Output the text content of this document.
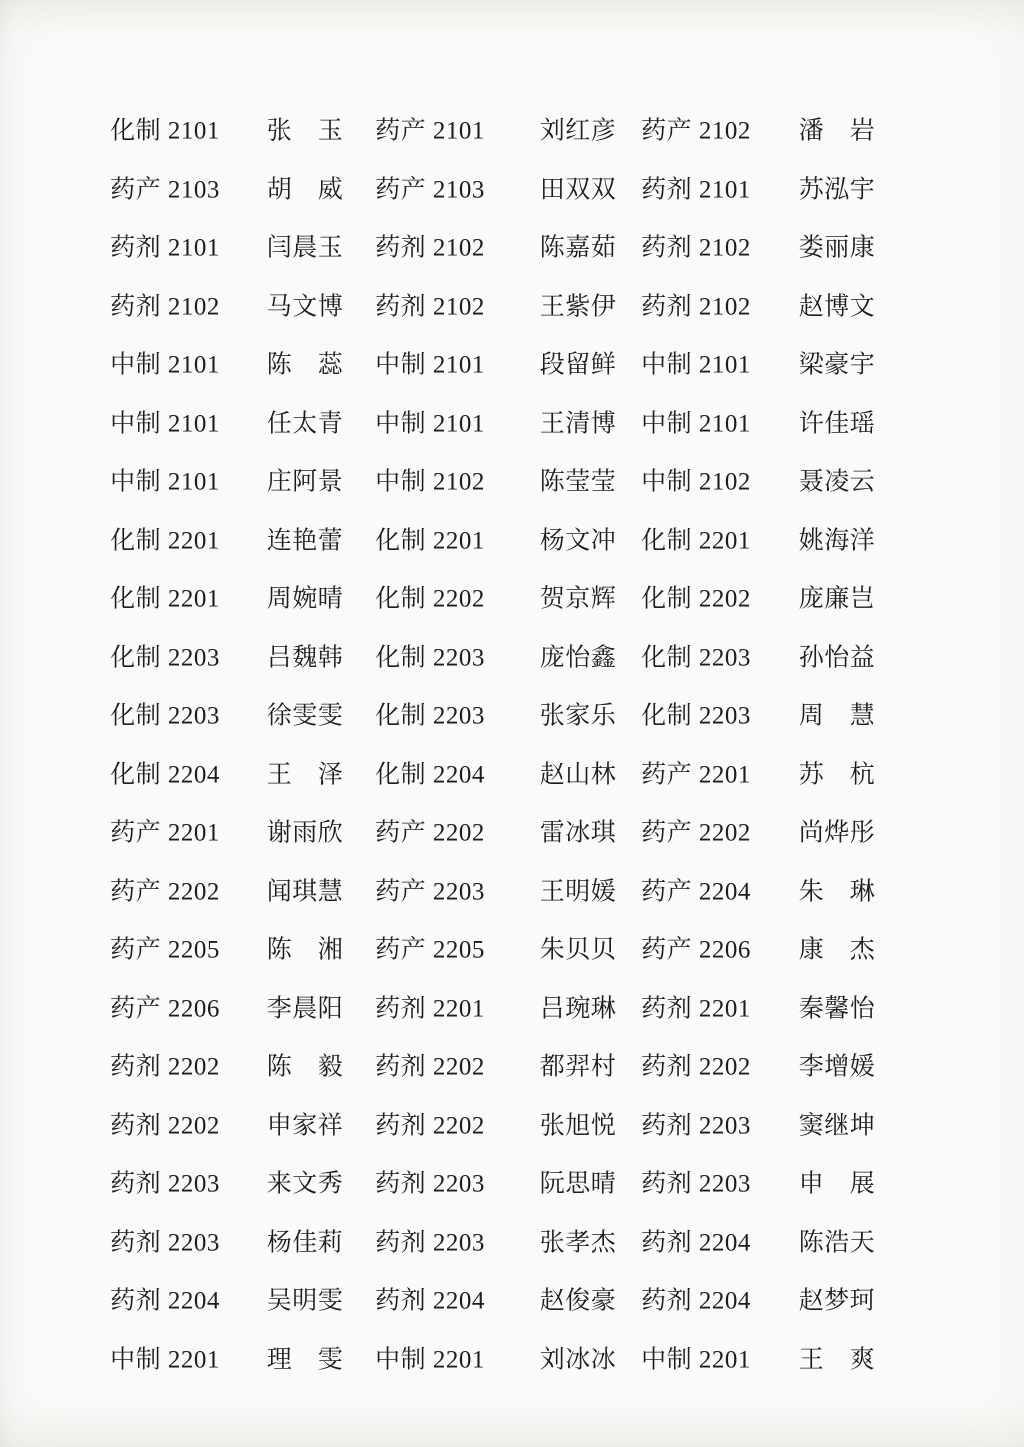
化制 2101	张　玉	药产 2101	刘红彦 药产 2102	潘　岩
药产 2103	胡　威	药产 2103	田双双 药剂 2101	苏泓宇
药剂 2101	闫晨玉	药剂 2102	陈嘉茹 药剂 2102	娄丽康
药剂 2102	马文博	药剂 2102	王紫伊 药剂 2102	赵博文
中制 2101	陈　蕊	中制 2101	段留鲜 中制 2101	梁豪宇
中制 2101	任太青	中制 2101	王清博 中制 2101	许佳瑶
中制 2101	庄阿景	中制 2102	陈莹莹 中制 2102	聂凌云
化制 2201	连艳蕾	化制 2201	杨文冲 化制 2201	姚海洋
化制 2201	周婉晴	化制 2202	贺京辉 化制 2202	庞廉岂
化制 2203	吕魏韩	化制 2203	庞怡鑫 化制 2203	孙怡益
化制 2203	徐雯雯	化制 2203	张家乐 化制 2203	周　慧
化制 2204	王　泽	化制 2204	赵山林 药产 2201	苏　杭
药产 2201	谢雨欣	药产 2202	雷冰琪 药产 2202	尚烨彤
药产 2202	闻琪慧	药产 2203	王明媛 药产 2204	朱　琳
药产 2205	陈　湘	药产 2205	朱贝贝 药产 2206	康　杰
药产 2206	李晨阳	药剂 2201	吕琬琳 药剂 2201	秦馨怡
药剂 2202	陈　毅	药剂 2202	都羿村 药剂 2202	李增媛
药剂 2202	申家祥	药剂 2202	张旭悦 药剂 2203	窦继坤
药剂 2203	来文秀	药剂 2203	阮思晴 药剂 2203	申　展
药剂 2203	杨佳莉	药剂 2203	张孝杰 药剂 2204	陈浩天
药剂 2204	吴明雯	药剂 2204	赵俊豪 药剂 2204	赵梦珂
中制 2201	理　雯	中制 2201	刘冰冰 中制 2201	王　爽
